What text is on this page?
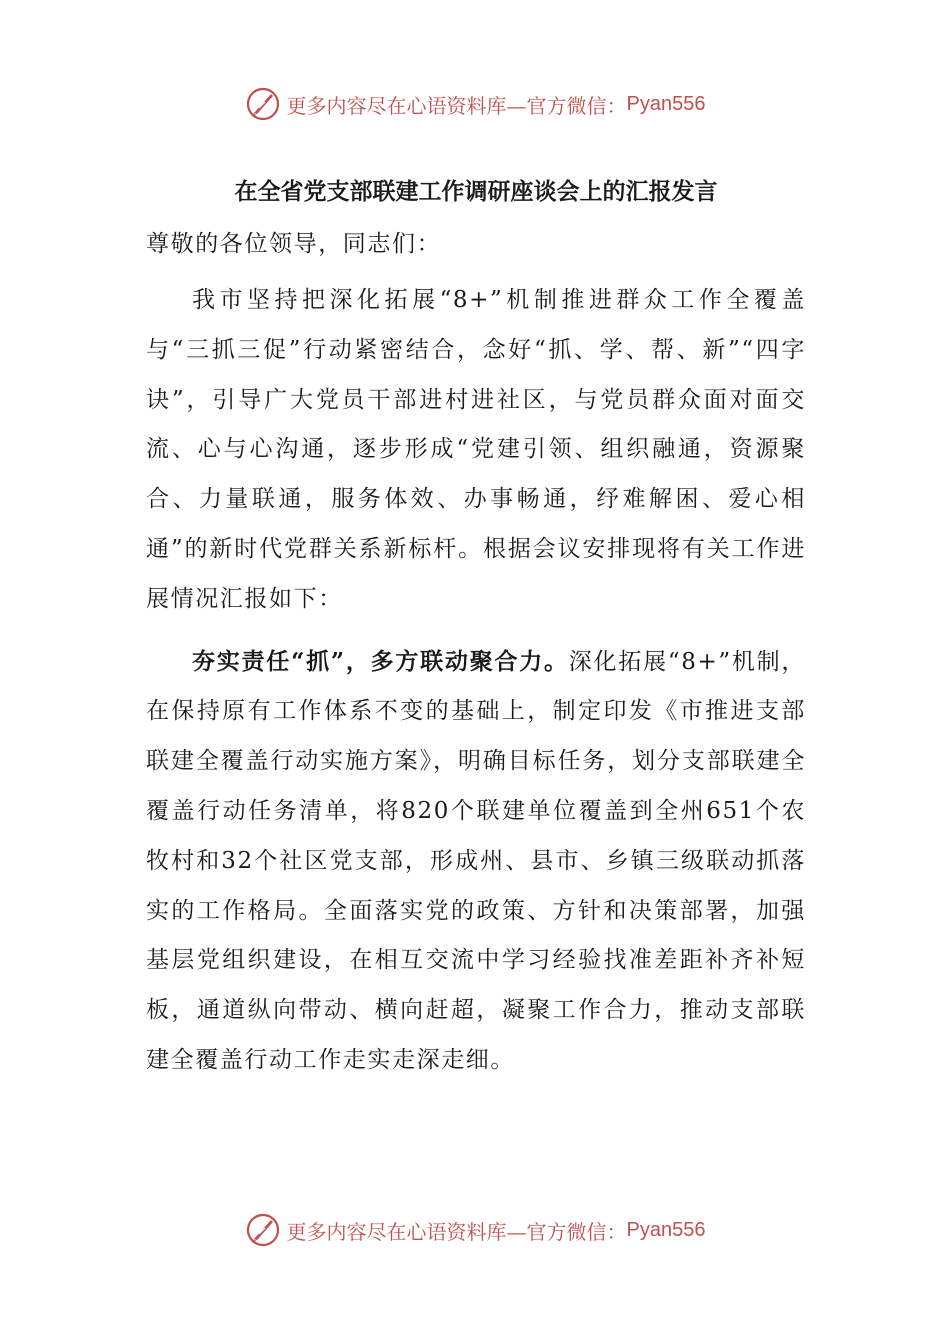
更多内容尽在心语资料库—官方微信： Pyan556
在全省党支部联建工作调研座谈会上的汇报发言

尊敬的各位领导，同志们：

我市坚持把深化拓展“8+”机制推进群众工作全覆盖与“三抓三促”行动紧密结合，念好“抓、学、帮、新”“四字诀”，引导广大党员干部进村进社区，与党员群众面对面交流、心与心沟通，逐步形成“党建引领、组织融通，资源聚合、力量联通，服务体效、办事畅通，纾难解困、爱心相通”的新时代党群关系新标杆。根据会议安排现将有关工作进展情况汇报如下：

夯实责任“抓”，多方联动聚合力。深化拓展“8+”机制，在保持原有工作体系不变的基础上，制定印发《市推进支部联建全覆盖行动实施方案》，明确目标任务，划分支部联建全覆盖行动任务清单，将820个联建单位覆盖到全州651个农牧村和32个社区党支部，形成州、县市、乡镇三级联动抓落实的工作格局。全面落实党的政策、方针和决策部署，加强基层党组织建设，在相互交流中学习经验找准差距补齐补短板，通道纵向带动、横向赶超，凝聚工作合力，推动支部联建全覆盖行动工作走实走深走细。

更多内容尽在心语资料库—官方微信： Pyan556
